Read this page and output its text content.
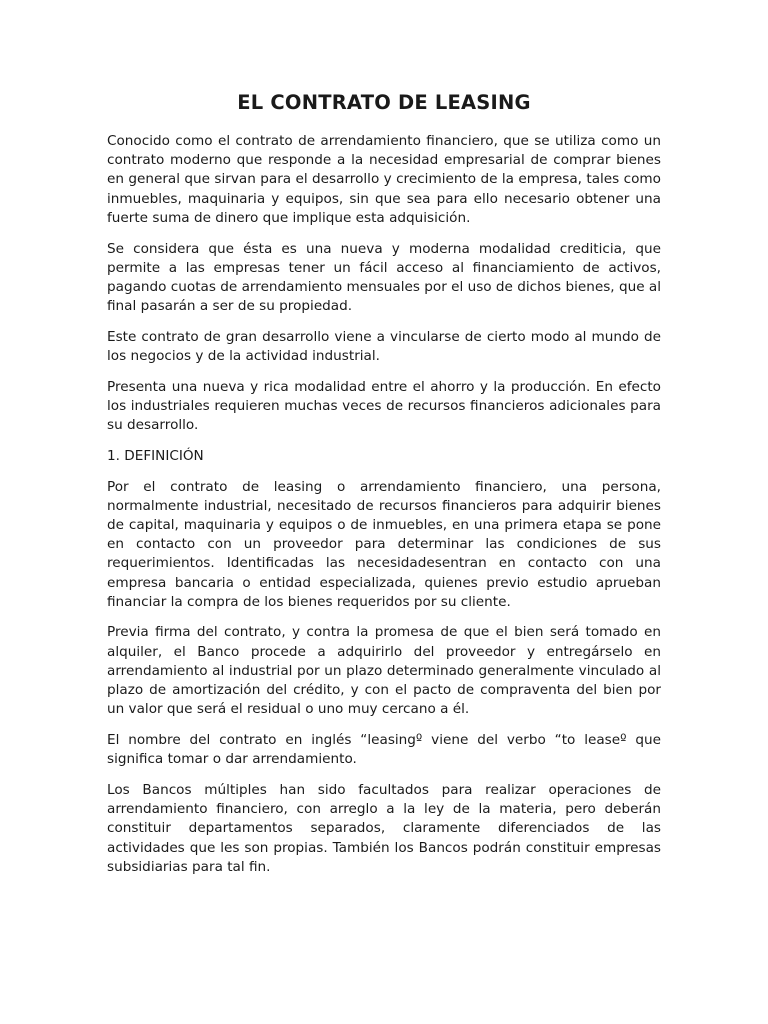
EL CONTRATO DE LEASING

Conocido como el contrato de arrendamiento financiero, que se utiliza como un contrato moderno que responde a la necesidad empresarial de comprar bienes en general que sirvan para el desarrollo y crecimiento de la empresa, tales como inmuebles, maquinaria y equipos, sin que sea para ello necesario obtener una fuerte suma de dinero que implique esta adquisición.

Se considera que ésta es una nueva y moderna modalidad crediticia, que permite a las empresas tener un fácil acceso al financiamiento de activos, pagando cuotas de arrendamiento mensuales por el uso de dichos bienes, que al final pasarán a ser de su propiedad.

Este contrato de gran desarrollo viene a vincularse de cierto modo al mundo de los negocios y de la actividad industrial.

Presenta una nueva y rica modalidad entre el ahorro y la producción. En efecto los industriales requieren muchas veces de recursos financieros adicionales para su desarrollo.

1. DEFINICIÓN

Por el contrato de leasing o arrendamiento financiero, una persona, normalmente industrial, necesitado de recursos financieros para adquirir bienes de capital, maquinaria y equipos o de inmuebles, en una primera etapa se pone en contacto con un proveedor para determinar las condiciones de sus requerimientos. Identificadas las necesidadesentran en contacto con una empresa bancaria o entidad especializada, quienes previo estudio aprueban financiar la compra de los bienes requeridos por su cliente.

Previa firma del contrato, y contra la promesa de que el bien será tomado en alquiler, el Banco procede a adquirirlo del proveedor y entregárselo en arrendamiento al industrial por un plazo determinado generalmente vinculado al plazo de amortización del crédito, y con el pacto de compraventa del bien por un valor que será el residual o uno muy cercano a él.

El nombre del contrato en inglés “leasingº viene del verbo “to leaseº que significa tomar o dar arrendamiento.

Los Bancos múltiples han sido facultados para realizar operaciones de arrendamiento financiero, con arreglo a la ley de la materia, pero deberán constituir departamentos separados, claramente diferenciados de las actividades que les son propias. También los Bancos podrán constituir empresas subsidiarias para tal fin.
